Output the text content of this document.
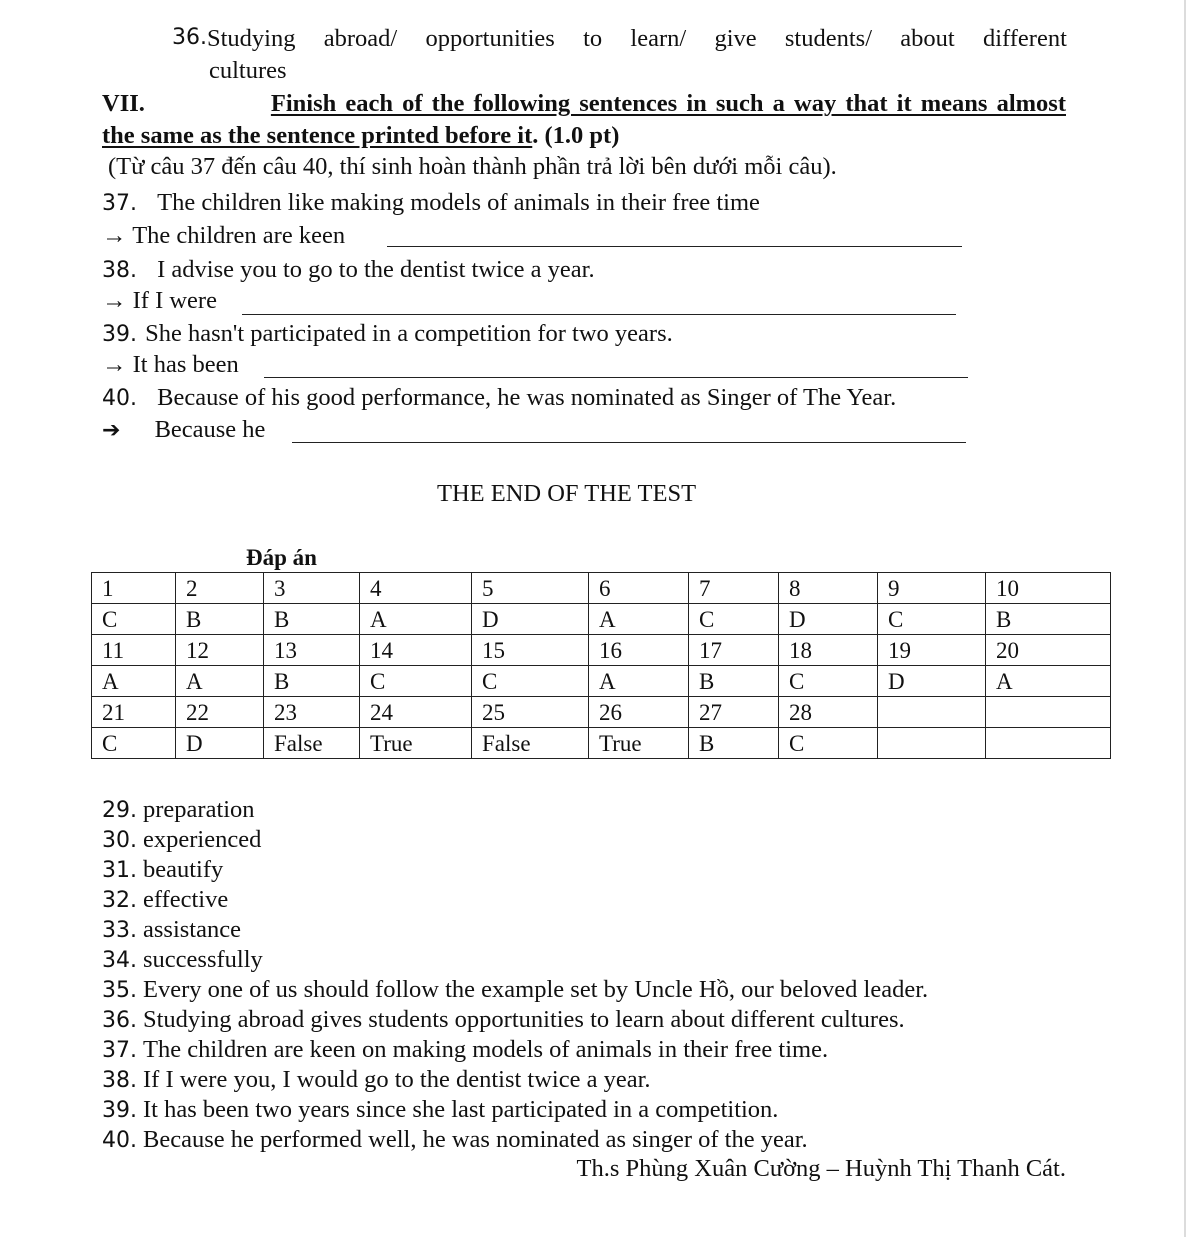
36. Studying abroad/ opportunities to learn/ give students/ about different
cultures
VII.	Finish each of the following sentences in such a way that it means almost
the same as the sentence printed before it. (1.0 pt)
(Từ câu 37 đến câu 40, thí sinh hoàn thành phần trả lời bên dưới mỗi câu).
37. The children like making models of animals in their free time
→ The children are keen
38. I advise you to go to the dentist twice a year.
→ If I were
39. She hasn't participated in a competition for two years.
→ It has been
40. Because of his good performance, he was nominated as Singer of The Year.
➔ Because he
THE END OF THE TEST
Đáp án
1	2	3	4	5	6	7	8	9	10
C	B	B	A	D	A	C	D	C	B
11	12	13	14	15	16	17	18	19	20
A	A	B	C	C	A	B	C	D	A
21	22	23	24	25	26	27	28		
C	D	False	True	False	True	B	C		
29. preparation
30. experienced
31. beautify
32. effective
33. assistance
34. successfully
35. Every one of us should follow the example set by Uncle Hồ, our beloved leader.
36. Studying abroad gives students opportunities to learn about different cultures.
37. The children are keen on making models of animals in their free time.
38. If I were you, I would go to the dentist twice a year.
39. It has been two years since she last participated in a competition.
40. Because he performed well, he was nominated as singer of the year.
Th.s Phùng Xuân Cường – Huỳnh Thị Thanh Cát.
